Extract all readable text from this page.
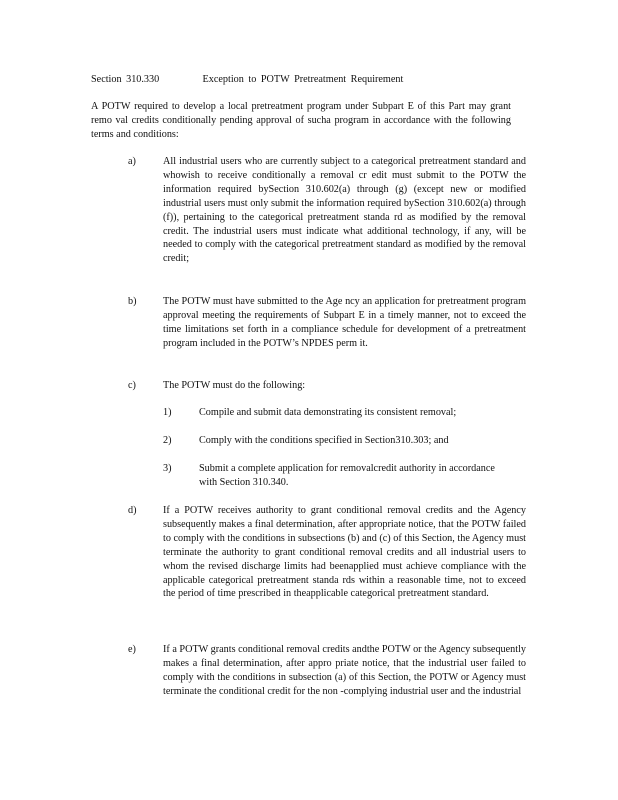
Section 310.330	Exception to POTW Pretreatment Requirement
A POTW required to develop a local pretreatment program under Subpart E of this Part may grant remo val credits conditionally pending approval of sucha program in accordance with the following terms and conditions:
a)	All industrial users who are currently subject to a categorical pretreatment standard and whowish to receive conditionally a removal cr edit must submit to the POTW the information required bySection 310.602(a) through (g) (except new or modified industrial users must only submit the information required bySection 310.602(a) through (f)), pertaining to the categorical pretreatment standa rd as modified by the removal credit. The industrial users must indicate what additional technology, if any, will be needed to comply with the categorical pretreatment standard as modified by the removal credit;
b)	The POTW must have submitted to the Age ncy an application for pretreatment program approval meeting the requirements of Subpart E in a timely manner, not to exceed the time limitations set forth in a compliance schedule for development of a pretreatment program included in the POTW’s NPDES perm it.
c)	The POTW must do the following:
1)	Compile and submit data demonstrating its consistent removal;
2)	Comply with the conditions specified in Section310.303; and
3)	Submit a complete application for removalcredit authority in accordance with Section 310.340.
d)	If a POTW receives authority to grant conditional removal credits and the Agency subsequently makes a final determination, after appropriate notice, that the POTW failed to comply with the conditions in subsections (b) and (c) of this Section, the Agency must terminate the authority to grant conditional removal credits and all industrial users to whom the revised discharge limits had beenapplied must achieve compliance with the applicable categorical pretreatment standa rds within a reasonable time, not to exceed the period of time prescribed in theapplicable categorical pretreatment standard.
e)	If a POTW grants conditional removal credits andthe POTW or the Agency subsequently makes a final determination, after appro priate notice, that the industrial user failed to comply with the conditions in subsection (a) of this Section, the POTW or Agency must terminate the conditional credit for the non -complying industrial user and the industrial
